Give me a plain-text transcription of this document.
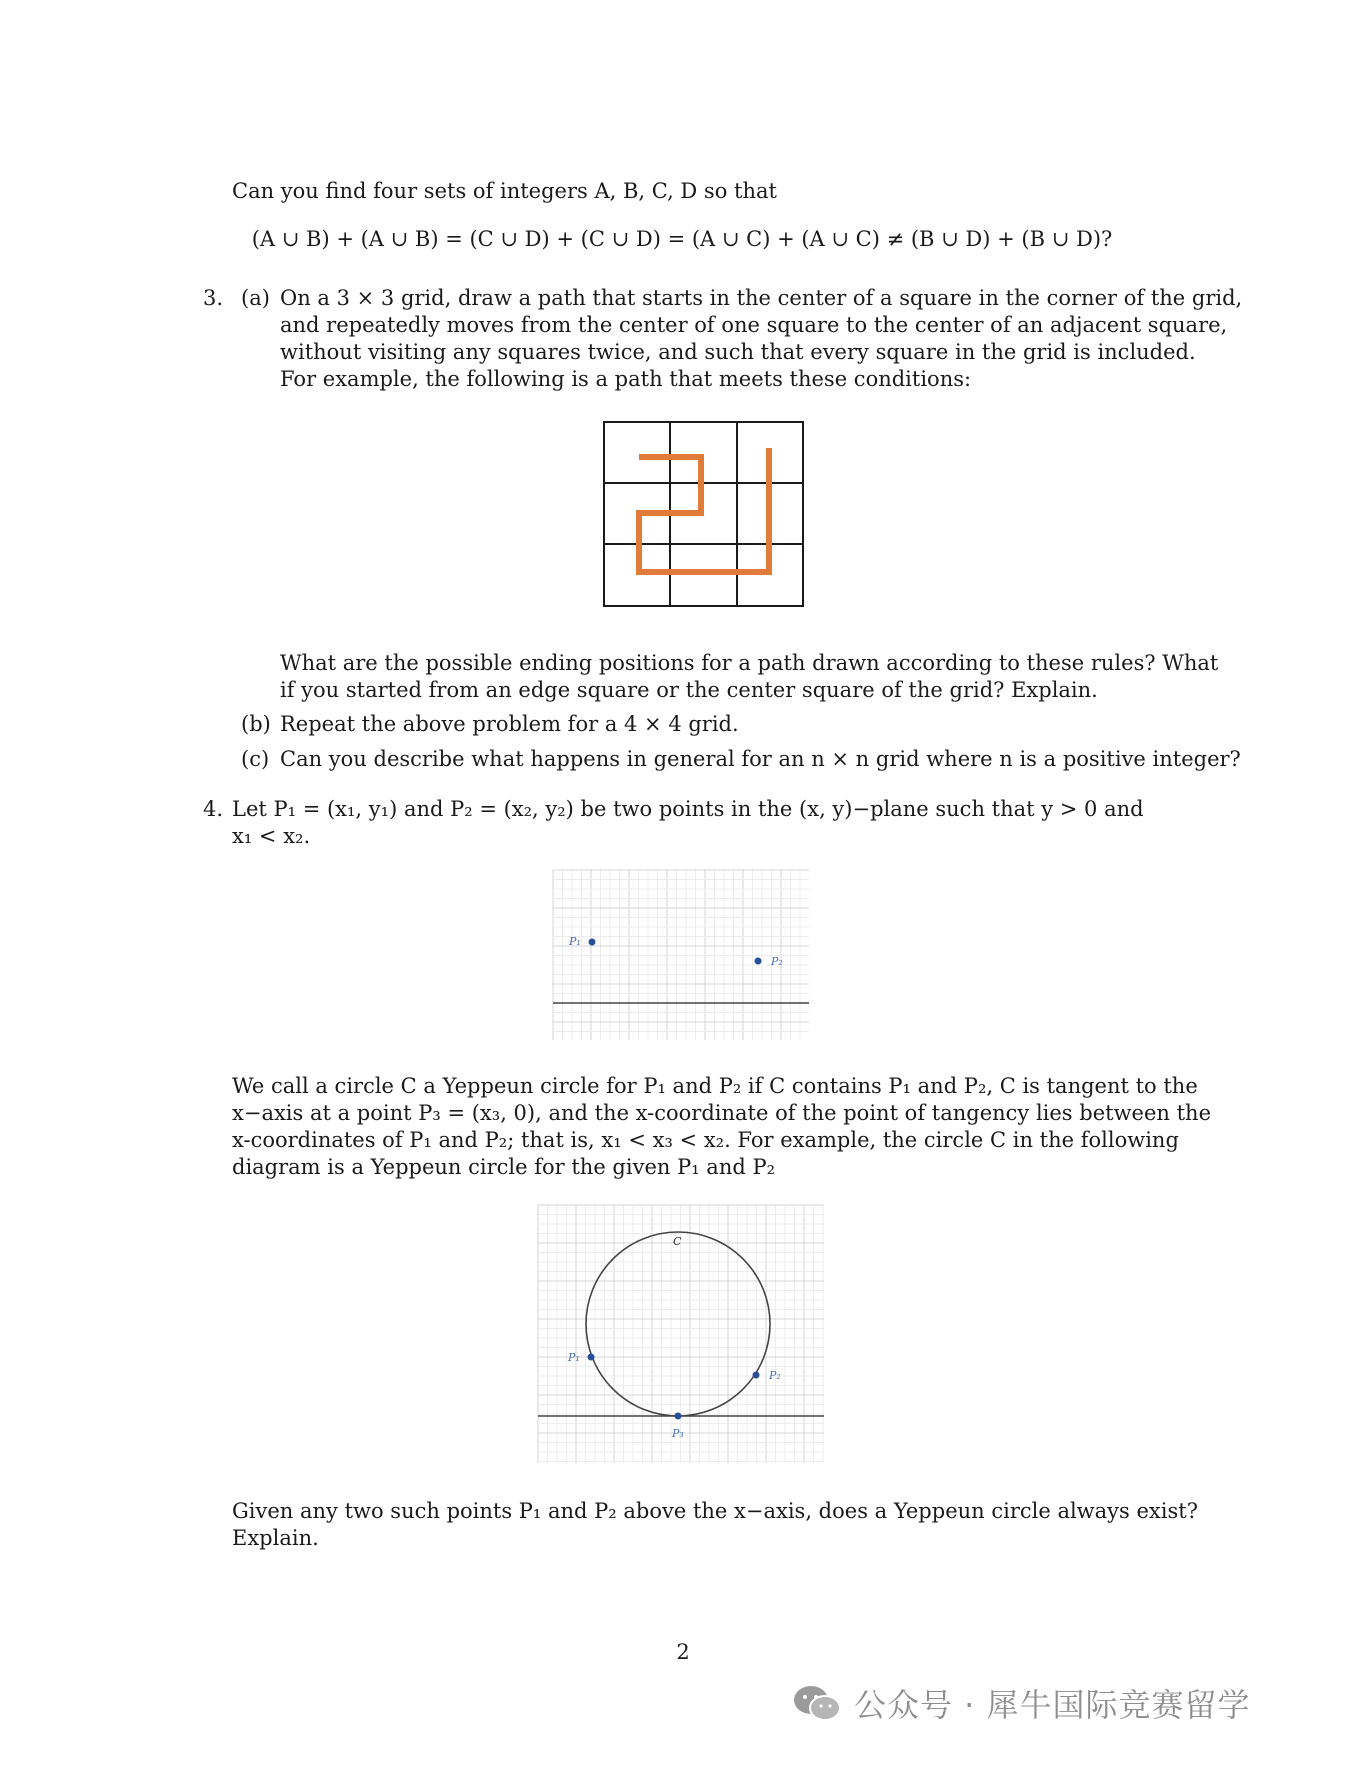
Can you find four sets of integers A, B, C, D so that
(A ∪ B) + (A ∪ B) = (C ∪ D) + (C ∪ D) = (A ∪ C) + (A ∪ C) ≠ (B ∪ D) + (B ∪ D)?
3. (a) On a 3 × 3 grid, draw a path that starts in the center of a square in the corner of the grid,
and repeatedly moves from the center of one square to the center of an adjacent square,
without visiting any squares twice, and such that every square in the grid is included.
For example, the following is a path that meets these conditions:
What are the possible ending positions for a path drawn according to these rules? What
if you started from an edge square or the center square of the grid? Explain.
(b) Repeat the above problem for a 4 × 4 grid.
(c) Can you describe what happens in general for an n × n grid where n is a positive integer?
4. Let P₁ = (x₁, y₁) and P₂ = (x₂, y₂) be two points in the (x, y)−plane such that y > 0 and
x₁ < x₂.
P₁
P₂
We call a circle C a Yeppeun circle for P₁ and P₂ if C contains P₁ and P₂, C is tangent to the
x−axis at a point P₃ = (x₃, 0), and the x-coordinate of the point of tangency lies between the
x-coordinates of P₁ and P₂; that is, x₁ < x₃ < x₂. For example, the circle C in the following
diagram is a Yeppeun circle for the given P₁ and P₂
C
P₁
P₂
P₃
Given any two such points P₁ and P₂ above the x−axis, does a Yeppeun circle always exist?
Explain.
2
公众号 · 犀牛国际竞赛留学
